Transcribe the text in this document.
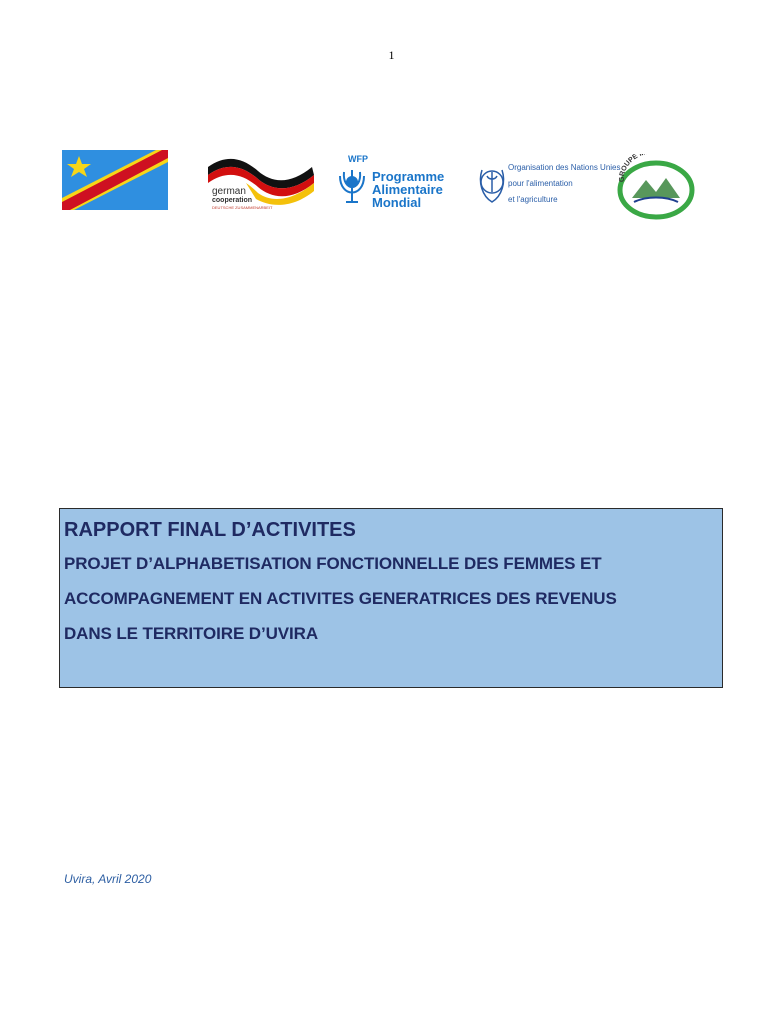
1
german
cooperation
DEUTSCHE ZUSAMMENARBEIT
WFP
Programme
Alimentaire
Mondial
Organisation des Nations Unies
pour l'alimentation
et l'agriculture
GROUPE
RAPPORT FINAL D’ACTIVITES
PROJET D’ALPHABETISATION FONCTIONNELLE DES FEMMES ET
ACCOMPAGNEMENT EN ACTIVITES GENERATRICES DES REVENUS
DANS LE TERRITOIRE D’UVIRA
Uvira, Avril 2020
